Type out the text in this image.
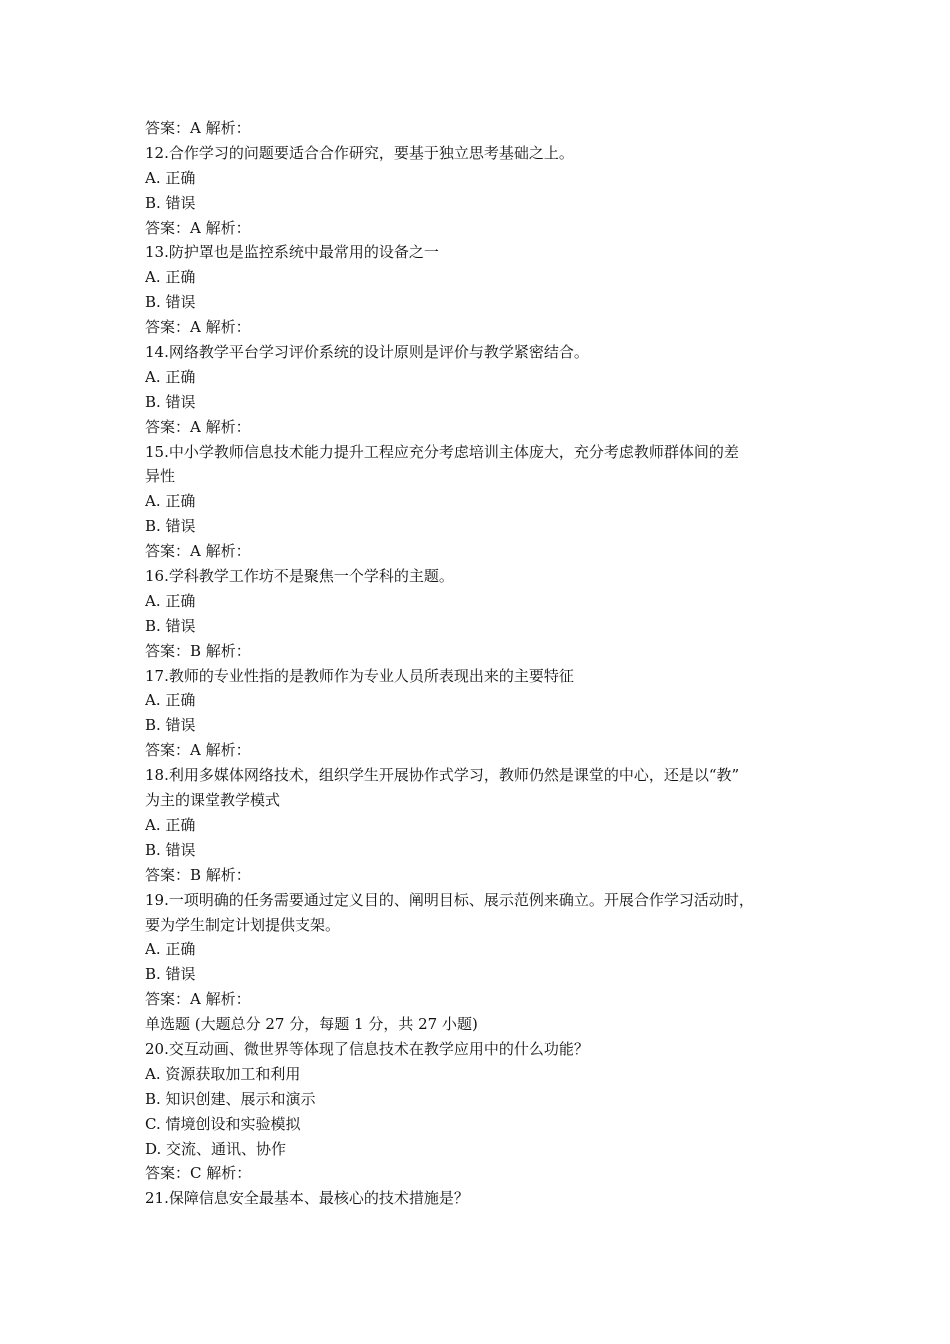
答案：A 解析：
12.合作学习的问题要适合合作研究，要基于独立思考基础之上。
A. 正确
B. 错误
答案：A 解析：
13.防护罩也是监控系统中最常用的设备之一
A. 正确
B. 错误
答案：A 解析：
14.网络教学平台学习评价系统的设计原则是评价与教学紧密结合。
A. 正确
B. 错误
答案：A 解析：
15.中小学教师信息技术能力提升工程应充分考虑培训主体庞大，充分考虑教师群体间的差
异性
A. 正确
B. 错误
答案：A 解析：
16.学科教学工作坊不是聚焦一个学科的主题。
A. 正确
B. 错误
答案：B 解析：
17.教师的专业性指的是教师作为专业人员所表现出来的主要特征
A. 正确
B. 错误
答案：A 解析：
18.利用多媒体网络技术，组织学生开展协作式学习，教师仍然是课堂的中心，还是以“教”
为主的课堂教学模式
A. 正确
B. 错误
答案：B 解析：
19.一项明确的任务需要通过定义目的、阐明目标、展示范例来确立。开展合作学习活动时，
要为学生制定计划提供支架。
A. 正确
B. 错误
答案：A 解析：
单选题 (大题总分 27 分，每题 1 分，共 27 小题)
20.交互动画、微世界等体现了信息技术在教学应用中的什么功能？
A. 资源获取加工和利用
B. 知识创建、展示和演示
C. 情境创设和实验模拟
D. 交流、通讯、协作
答案：C 解析：
21.保障信息安全最基本、最核心的技术措施是？
